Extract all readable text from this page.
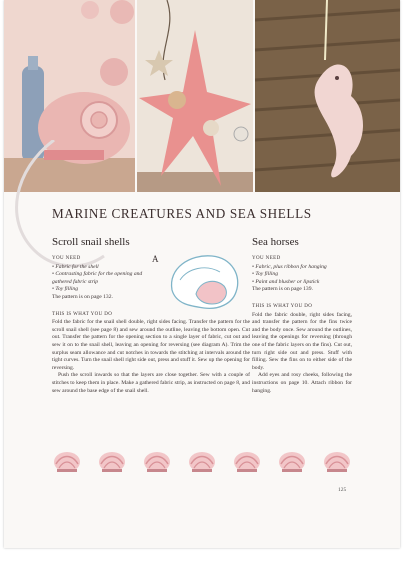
MARINE CREATURES AND SEA SHELLS
Scroll snail shells
YOU NEED
• Fabric for the shell
• Contrasting fabric for the opening and gathered fabric strip
• Toy filling
The pattern is on page 132.
THIS IS WHAT YOU DO

Fold the fabric for the snail shell double, right sides facing. Transfer the pattern for the scroll snail shell (see page 8) and sew around the outline, leaving the bottom open. Cut out. Transfer the pattern for the opening section to a single layer of fabric, cut out and sew it on to the snail shell, leaving an opening for reversing (see diagram A). Trim the surplus seam allowance and cut notches in towards the stitching at intervals around the tight curves. Turn the snail shell right side out, press and stuff it. Sew up the opening for reversing.

Push the scroll inwards so that the layers are close together. Sew with a couple of stitches to keep them in place. Make a gathered fabric strip, as instructed on page 8, and sew around the base edge of the snail shell.

A
Sea horses
YOU NEED
• Fabric, plus ribbon for hanging
• Toy filling
• Paint and blusher or lipstick
The pattern is on page 139.
THIS IS WHAT YOU DO

Fold the fabric double, right sides facing, and transfer the pattern for the fins twice and the body once. Sew around the outlines, leaving the openings for reversing (through one of the fabric layers on the fins). Cut out, turn right side out and press. Stuff with filling. Sew the fins on to either side of the body.

Add eyes and rosy cheeks, following the instructions on page 10. Attach ribbon for hanging.

125
